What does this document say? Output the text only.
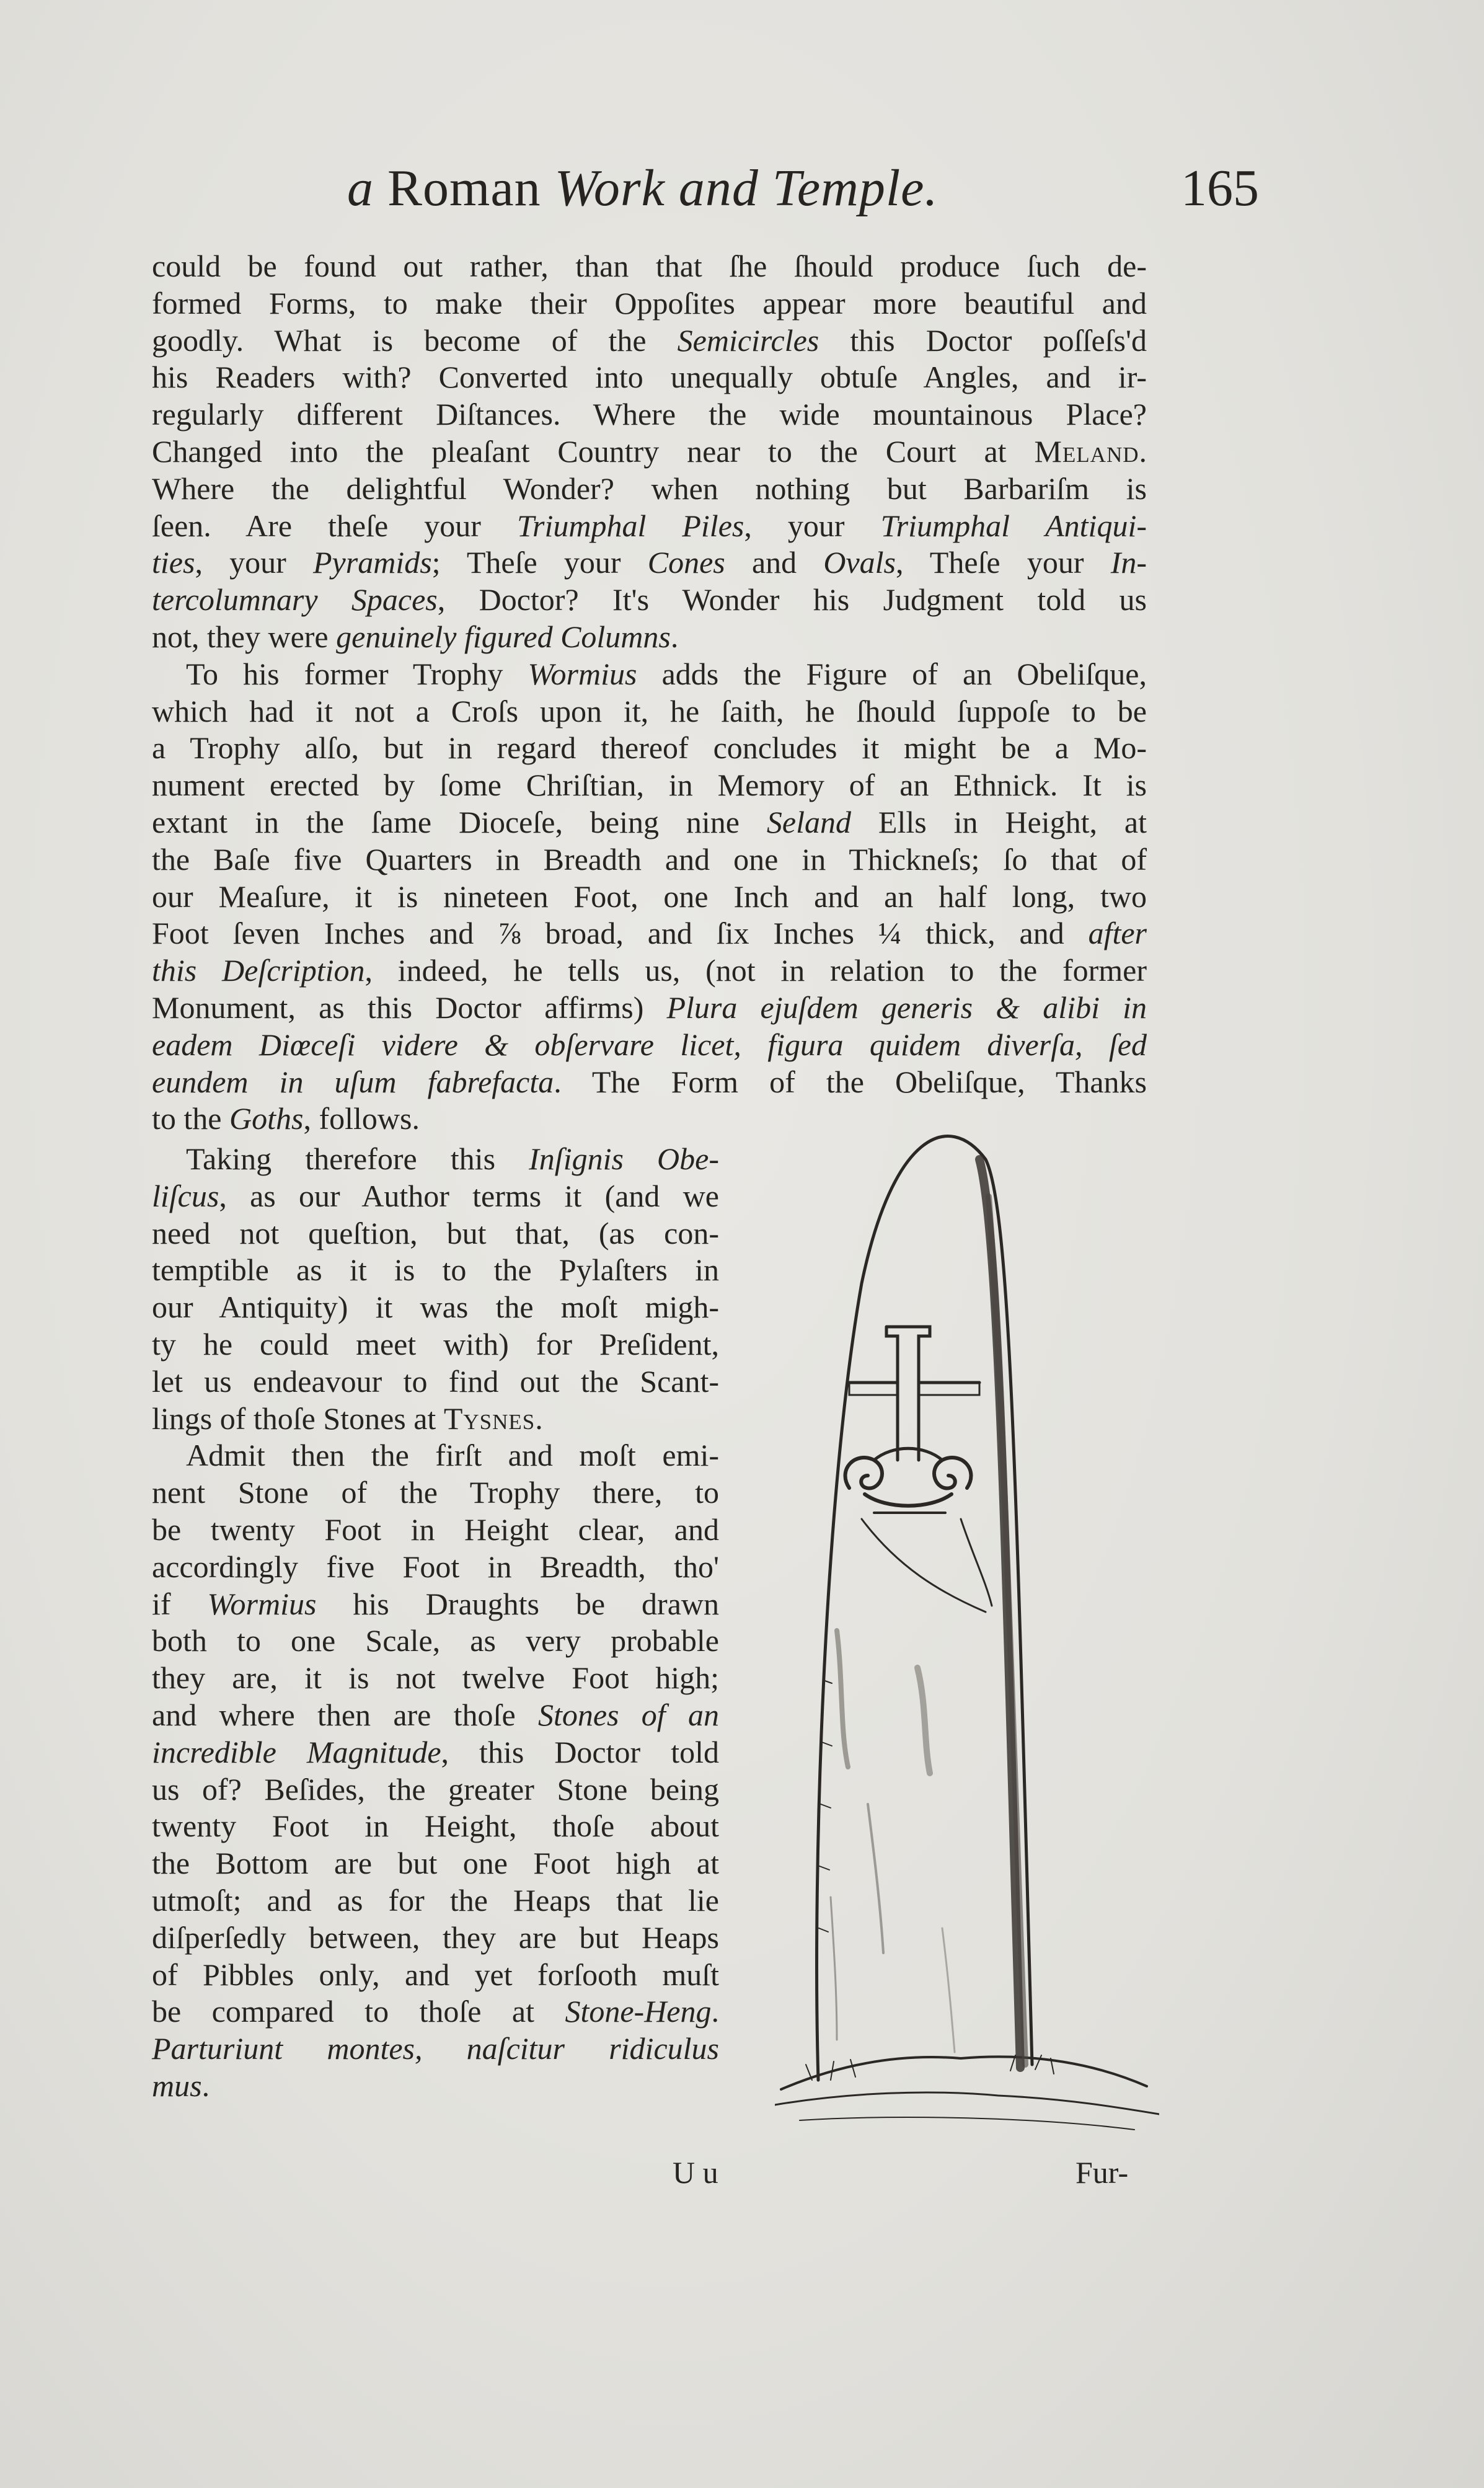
a Roman Work and Temple.	165

could be found out rather, than that ſhe ſhould produce ſuch de-

formed Forms, to make their Oppoſites appear more beautiful and

goodly. What is become of the Semicircles this Doctor poſſeſs'd

his Readers with? Converted into unequally obtuſe Angles, and ir-

regularly different Diſtances. Where the wide mountainous Place?

Changed into the pleaſant Country near to the Court at Meland.

Where the delightful Wonder? when nothing but Barbariſm is

ſeen. Are theſe your Triumphal Piles, your Triumphal Antiqui-

ties, your Pyramids; Theſe your Cones and Ovals, Theſe your In-

tercolumnary Spaces, Doctor? It's Wonder his Judgment told us

not, they were genuinely figured Columns.

To his former Trophy Wormius adds the Figure of an Obeliſque,

which had it not a Croſs upon it, he ſaith, he ſhould ſuppoſe to be

a Trophy alſo, but in regard thereof concludes it might be a Mo-

nument erected by ſome Chriſtian, in Memory of an Ethnick. It is

extant in the ſame Dioceſe, being nine Seland Ells in Height, at

the Baſe five Quarters in Breadth and one in Thickneſs; ſo that of

our Meaſure, it is nineteen Foot, one Inch and an half long, two

Foot ſeven Inches and ⅞ broad, and ſix Inches ¼ thick, and after

this Deſcription, indeed, he tells us, (not in relation to the former

Monument, as this Doctor affirms) Plura ejuſdem generis & alibi in

eadem Diœceſi videre & obſervare licet, figura quidem diverſa, ſed

eundem in uſum fabrefacta. The Form of the Obeliſque, Thanks

to the Goths, follows.

Taking therefore this Inſignis Obe-

liſcus, as our Author terms it (and we

need not queſtion, but that, (as con-

temptible as it is to the Pylaſters in

our Antiquity) it was the moſt migh-

ty he could meet with) for Preſident,

let us endeavour to find out the Scant-

lings of thoſe Stones at Tysnes.

Admit then the firſt and moſt emi-

nent Stone of the Trophy there, to

be twenty Foot in Height clear, and

accordingly five Foot in Breadth, tho'

if Wormius his Draughts be drawn

both to one Scale, as very probable

they are, it is not twelve Foot high;

and where then are thoſe Stones of an

incredible Magnitude, this Doctor told

us of? Beſides, the greater Stone being

twenty Foot in Height, thoſe about

the Bottom are but one Foot high at

utmoſt; and as for the Heaps that lie

diſperſedly between, they are but Heaps

of Pibbles only, and yet forſooth muſt

be compared to thoſe at Stone-Heng.

Parturiunt montes, naſcitur ridiculus

mus.

U u	Fur-
